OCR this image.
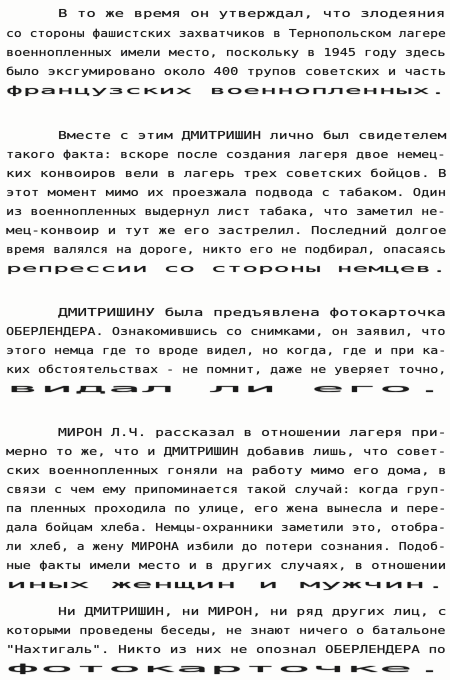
В то же время он утверждал, что злодеяния
со стороны фашистских захватчиков в Тернопольском лагере
военнопленных имели место, поскольку в 1945 году здесь
было эксгумировано около 400 трупов советских и часть
французских военнопленных.
Вместе с этим ДМИТРИШИН лично был свидетелем
такого факта: вскоре после создания лагеря двое немец-
ких конвоиров вели в лагерь трех советских бойцов. В
этот момент мимо их проезжала подвода с табаком. Один
из военнопленных выдернул лист табака, что заметил не-
мец-конвоир и тут же его застрелил. Последний долгое
время валялся на дороге, никто его не подбирал, опасаясь
репрессии со стороны немцев.
ДМИТРИШИНУ была предъявлена фотокарточка
ОБЕРЛЕНДЕРА. Ознакомившись со снимками, он заявил, что
этого немца где то вроде видел, но когда, где и при ка-
ких обстоятельствах - не помнит, даже не уверяет точно,
видал ли его.
МИРОН Л.Ч. рассказал в отношении лагеря при-
мерно то же, что и ДМИТРИШИН добавив лишь, что совет-
ских военнопленных гоняли на работу мимо его дома, в
связи с чем ему припоминается такой случай: когда груп-
па пленных проходила по улице, его жена вынесла и пере-
дала бойцам хлеба. Немцы-охранники заметили это, отобра-
ли хлеб, а жену МИРОНА избили до потери сознания. Подоб-
ные факты имели место и в других случаях, в отношении
иных женщин и мужчин.
Ни ДМИТРИШИН, ни МИРОН, ни ряд других лиц, с
которыми проведены беседы, не знают ничего о батальоне
"Нахтигаль". Никто из них не опознал ОБЕРЛЕНДЕРА по
фотокарточке.
